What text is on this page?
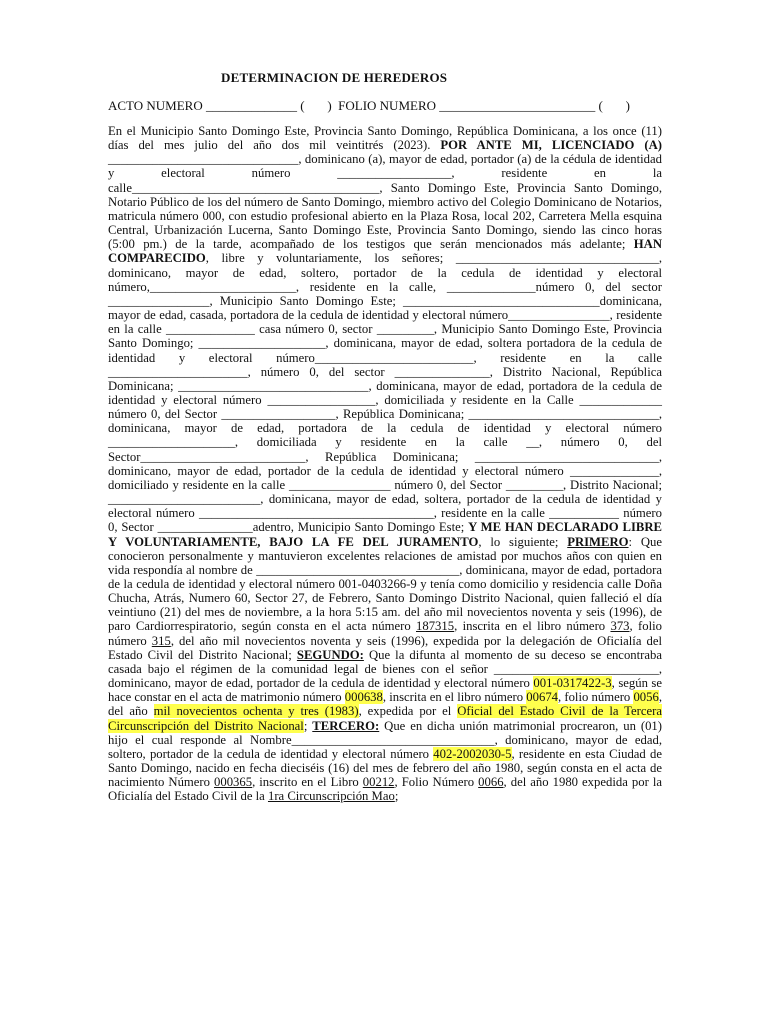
DETERMINACION DE HEREDEROS
ACTO NUMERO ______________ (       )  FOLIO NUMERO ________________________ (       )

En el Municipio Santo Domingo Este, Provincia Santo Domingo, República Dominicana, a los once (11) días del mes julio del año dos mil veintitrés (2023). POR ANTE MI, LICENCIADO (A) ______________________________, dominicano (a), mayor de edad, portador (a) de la cédula de identidad y electoral número __________________, residente en la calle_______________________________________, Santo Domingo Este, Provincia Santo Domingo, Notario Público de los del número de Santo Domingo, miembro activo del Colegio Dominicano de Notarios, matricula número 000, con estudio profesional abierto en la Plaza Rosa, local 202, Carretera Mella esquina Central, Urbanización Lucerna, Santo Domingo Este, Provincia Santo Domingo, siendo las cinco horas (5:00 pm.) de la tarde, acompañado de los testigos que serán mencionados más adelante; HAN COMPARECIDO, libre y voluntariamente, los señores; ________________________________, dominicano, mayor de edad, soltero, portador de la cedula de identidad y electoral número,_______________________, residente en la calle, ______________número 0, del sector ________________, Municipio Santo Domingo Este; _______________________________dominicana, mayor de edad, casada, portadora de la cedula de identidad y electoral número________________, residente en la calle ______________ casa número 0, sector _________, Municipio Santo Domingo Este, Provincia Santo Domingo; ____________________, dominicana, mayor de edad, soltera portadora de la cedula de identidad y electoral número_________________________, residente en la calle ______________________, número 0, del sector _______________, Distrito Nacional, República Dominicana; ______________________________, dominicana, mayor de edad, portadora de la cedula de identidad y electoral número _________________, domiciliada y residente en la Calle _____________ número 0, del Sector __________________, República Dominicana; ______________________________, dominicana, mayor de edad, portadora de la cedula de identidad y electoral número ____________________, domiciliada y residente en la calle __, número 0, del Sector__________________________, República Dominicana; _____________________________, dominicano, mayor de edad, portador de la cedula de identidad y electoral número ______________, domiciliado y residente en la calle ________________ número 0, del Sector _________, Distrito Nacional; ________________________, dominicana, mayor de edad, soltera, portador de la cedula de identidad y electoral número _____________________________________, residente en la calle ___________ número 0, Sector _______________adentro, Municipio Santo Domingo Este; Y ME HAN DECLARADO LIBRE Y VOLUNTARIAMENTE, BAJO LA FE DEL JURAMENTO, lo siguiente; PRIMERO: Que conocieron personalmente y mantuvieron excelentes relaciones de amistad por muchos años con quien en vida respondía al nombre de ________________________________, dominicana, mayor de edad, portadora de la cedula de identidad y electoral número 001-0403266-9 y tenía como domicilio y residencia calle Doña Chucha, Atrás, Numero 60, Sector 27, de Febrero, Santo Domingo Distrito Nacional, quien falleció el día veintiuno (21) del mes de noviembre, a la hora 5:15 am. del año mil novecientos noventa y seis (1996), de paro Cardiorrespiratorio, según consta en el acta número 187315, inscrita en el libro número 373, folio número 315, del año mil novecientos noventa y seis (1996), expedida por la delegación de Oficialía del Estado Civil del Distrito Nacional; SEGUNDO: Que la difunta al momento de su deceso se encontraba casada bajo el régimen de la comunidad legal de bienes con el señor __________________________, dominicano, mayor de edad, portador de la cedula de identidad y electoral número 001-0317422-3, según se hace constar en el acta de matrimonio número 000638, inscrita en el libro número 00674, folio número 0056, del año mil novecientos ochenta y tres (1983), expedida por el Oficial del Estado Civil de la Tercera Circunscripción del Distrito Nacional; TERCERO: Que en dicha unión matrimonial procrearon, un (01) hijo el cual responde al Nombre________________________________, dominicano, mayor de edad, soltero, portador de la cedula de identidad y electoral número 402-2002030-5, residente en esta Ciudad de Santo Domingo, nacido en fecha dieciséis (16) del mes de febrero del año 1980, según consta en el acta de nacimiento Número 000365, inscrito en el Libro 00212, Folio Número 0066, del año 1980 expedida por la Oficialía del Estado Civil de la 1ra Circunscripción Mao;
